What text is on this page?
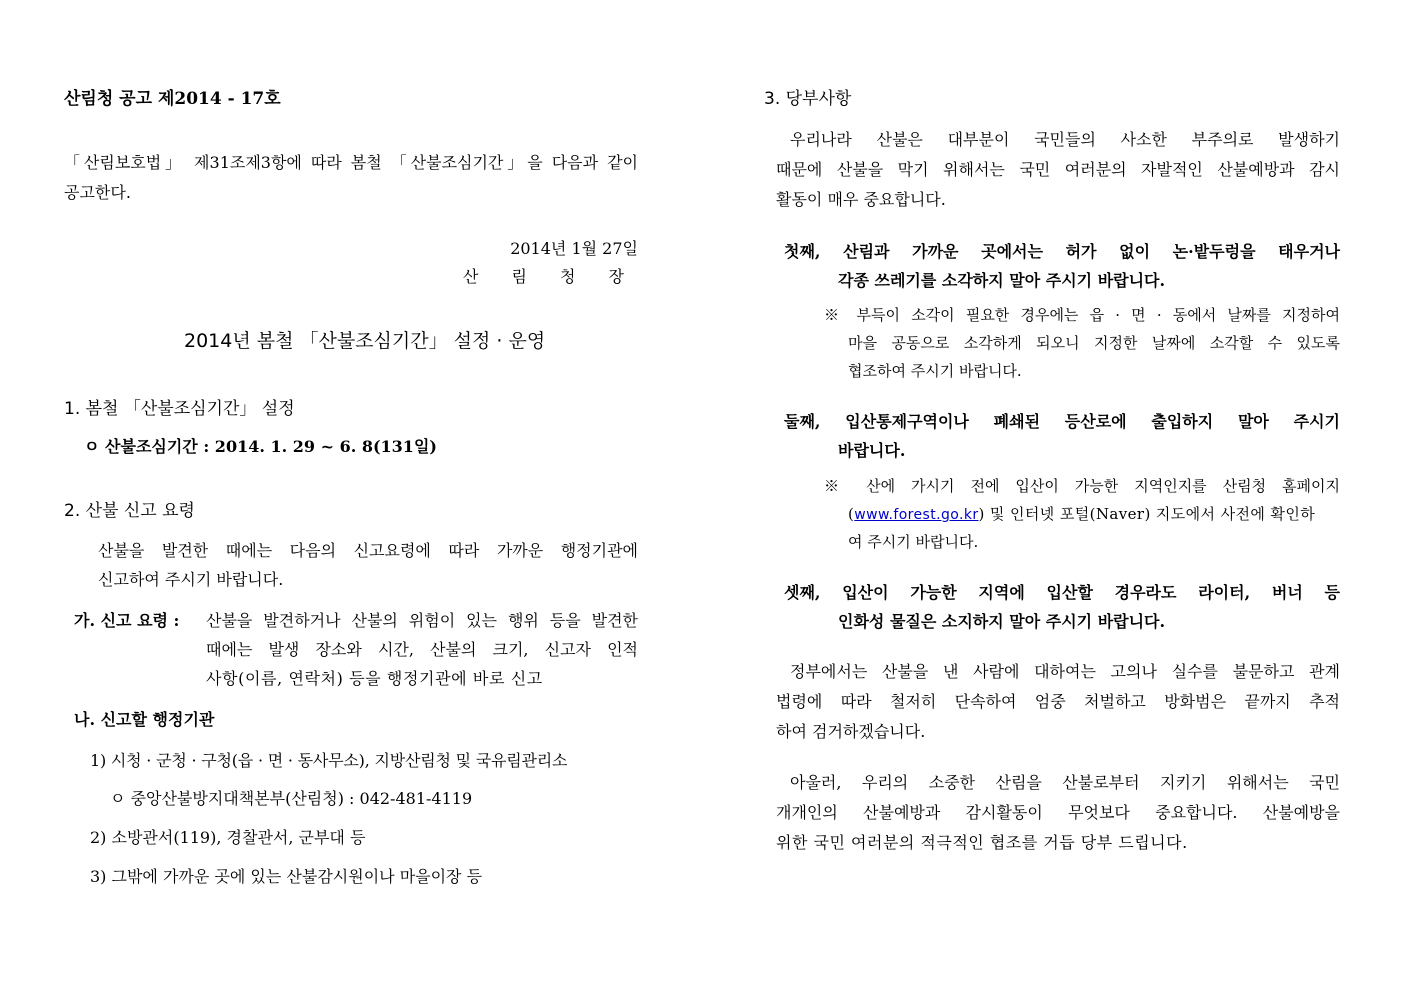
산림청 공고 제2014 - 17호
「산림보호법」 제31조제3항에 따라 봄철 「산불조심기간」을 다음과 같이
공고한다.
2014년 1월 27일
산 림 청 장
2014년 봄철 「산불조심기간」 설정 · 운영
1. 봄철 「산불조심기간」 설정
ㅇ 산불조심기간 : 2014. 1. 29 ~ 6. 8(131일)
2. 산불 신고 요령
산불을 발견한 때에는 다음의 신고요령에 따라 가까운 행정기관에
신고하여 주시기 바랍니다.
가. 신고 요령 : 산불을 발견하거나 산불의 위험이 있는 행위 등을 발견한
때에는 발생 장소와 시간, 산불의 크기, 신고자 인적
사항(이름, 연락처) 등을 행정기관에 바로 신고
나. 신고할 행정기관
1) 시청 · 군청 · 구청(읍 · 면 · 동사무소), 지방산림청 및 국유림관리소
ㅇ 중앙산불방지대책본부(산림청) : 042-481-4119
2) 소방관서(119), 경찰관서, 군부대 등
3) 그밖에 가까운 곳에 있는 산불감시원이나 마을이장 등
3. 당부사항
우리나라 산불은 대부분이 국민들의 사소한 부주의로 발생하기
때문에 산불을 막기 위해서는 국민 여러분의 자발적인 산불예방과 감시
활동이 매우 중요합니다.
첫째, 산림과 가까운 곳에서는 허가 없이 논·밭두렁을 태우거나
각종 쓰레기를 소각하지 말아 주시기 바랍니다.
※ 부득이 소각이 필요한 경우에는 읍 · 면 · 동에서 날짜를 지정하여
마을 공동으로 소각하게 되오니 지정한 날짜에 소각할 수 있도록
협조하여 주시기 바랍니다.
둘째, 입산통제구역이나 폐쇄된 등산로에 출입하지 말아 주시기
바랍니다.
※ 산에 가시기 전에 입산이 가능한 지역인지를 산림청 홈페이지
(www.forest.go.kr) 및 인터넷 포털(Naver) 지도에서 사전에 확인하
여 주시기 바랍니다.
셋째, 입산이 가능한 지역에 입산할 경우라도 라이터, 버너 등
인화성 물질은 소지하지 말아 주시기 바랍니다.
정부에서는 산불을 낸 사람에 대하여는 고의나 실수를 불문하고 관계
법령에 따라 철저히 단속하여 엄중 처벌하고 방화범은 끝까지 추적
하여 검거하겠습니다.
아울러, 우리의 소중한 산림을 산불로부터 지키기 위해서는 국민
개개인의 산불예방과 감시활동이 무엇보다 중요합니다. 산불예방을
위한 국민 여러분의 적극적인 협조를 거듭 당부 드립니다.
